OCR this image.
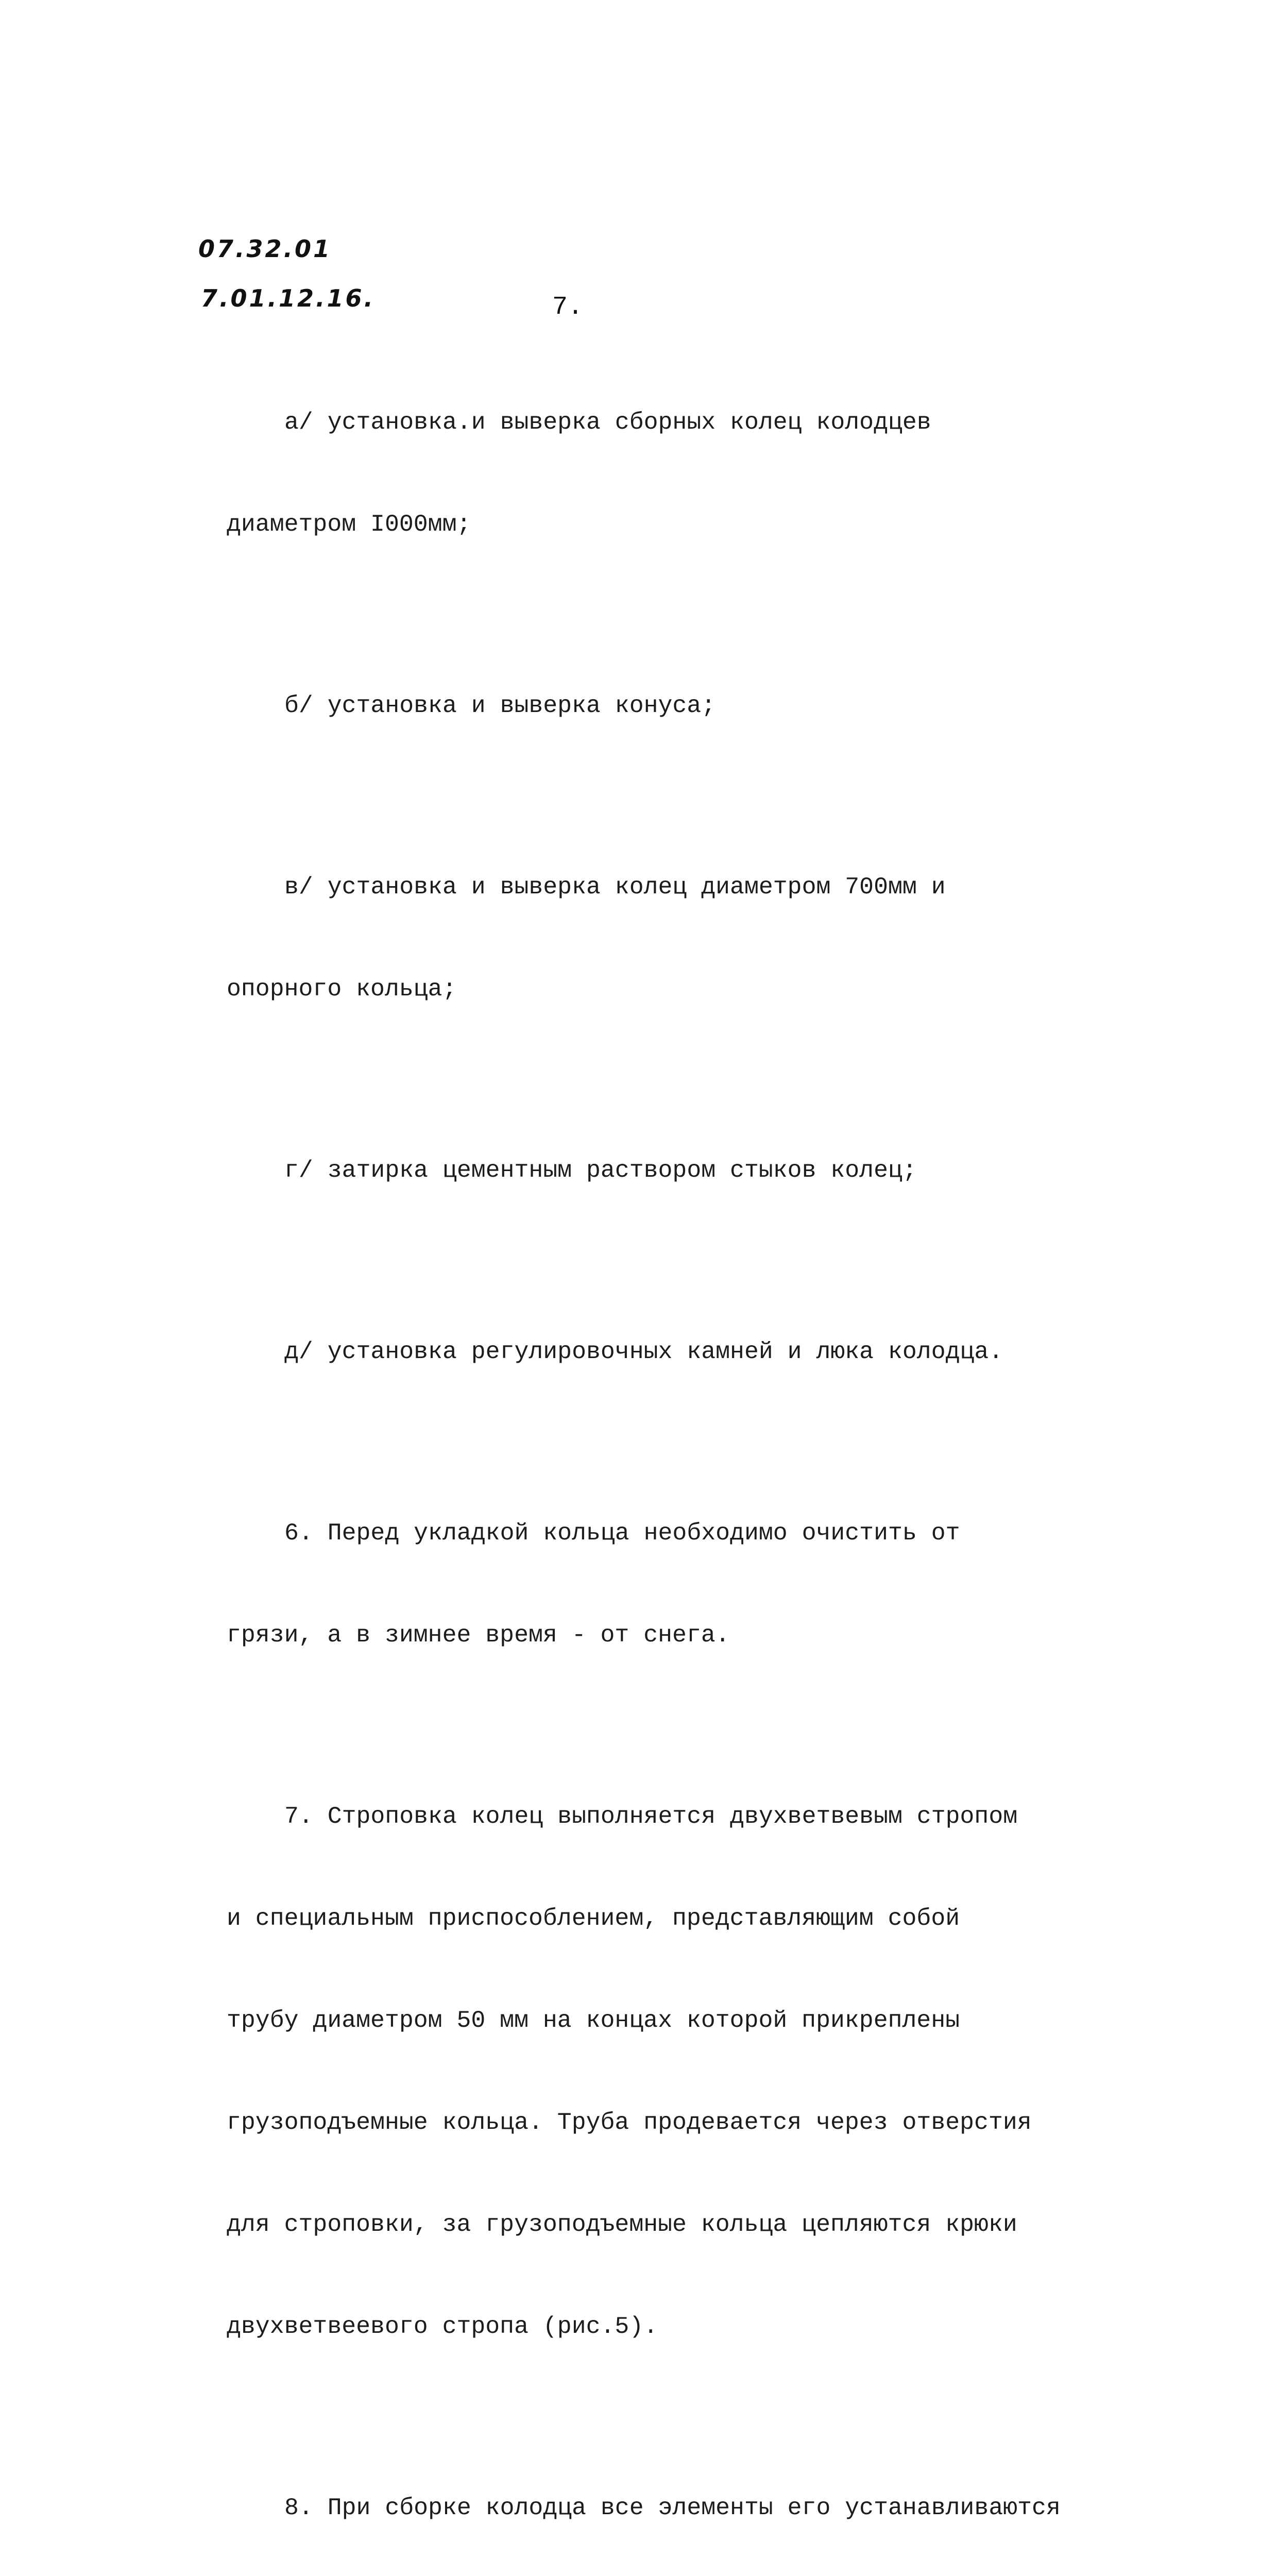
07.32.01
7.01.12.16.	7.

а/ установка.и выверка сборных колец колодцев

диаметром I000мм;

б/ установка и выверка конуса;

в/ установка и выверка колец диаметром 700мм и

опорного кольца;

г/ затирка цементным раствором стыков колец;

д/ установка регулировочных камней и люка колодца.

6. Перед укладкой кольца необходимо очистить от

грязи, а в зимнее время - от снега.

7. Строповка колец выполняется двухветвевым стропом

и специальным приспособлением, представляющим собой

трубу диаметром 50 мм на концах которой прикреплены

грузоподъемные кольца. Труба продевается через отверстия

для строповки, за грузоподъемные кольца цепляются крюки

двухветвеевого стропа (рис.5).

8. При сборке колодца все элементы его устанавливаются
